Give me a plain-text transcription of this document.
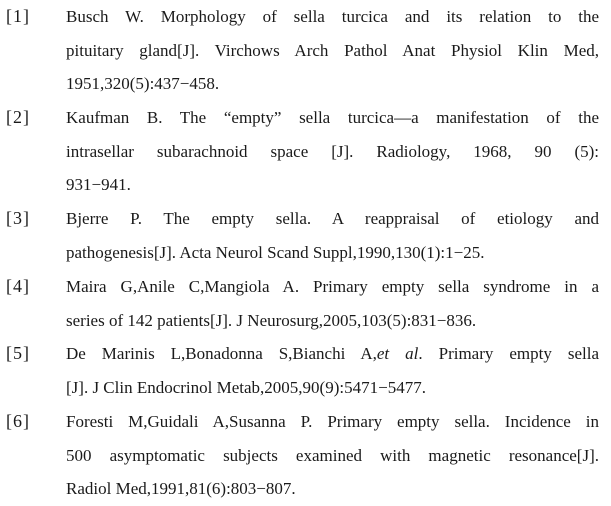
[1] Busch W. Morphology of sella turcica and its relation to the
pituitary gland[J]. Virchows Arch Pathol Anat Physiol Klin Med,
1951,320(5):437−458.
[2] Kaufman B. The “empty” sella turcica—a manifestation of the
intrasellar subarachnoid space [J]. Radiology, 1968, 90 (5):
931−941.
[3] Bjerre P. The empty sella. A reappraisal of etiology and
pathogenesis[J]. Acta Neurol Scand Suppl,1990,130(1):1−25.
[4] Maira G,Anile C,Mangiola A. Primary empty sella syndrome in a
series of 142 patients[J]. J Neurosurg,2005,103(5):831−836.
[5] De Marinis L,Bonadonna S,Bianchi A,et al. Primary empty sella
[J]. J Clin Endocrinol Metab,2005,90(9):5471−5477.
[6] Foresti M,Guidali A,Susanna P. Primary empty sella. Incidence in
500 asymptomatic subjects examined with magnetic resonance[J].
Radiol Med,1991,81(6):803−807.
